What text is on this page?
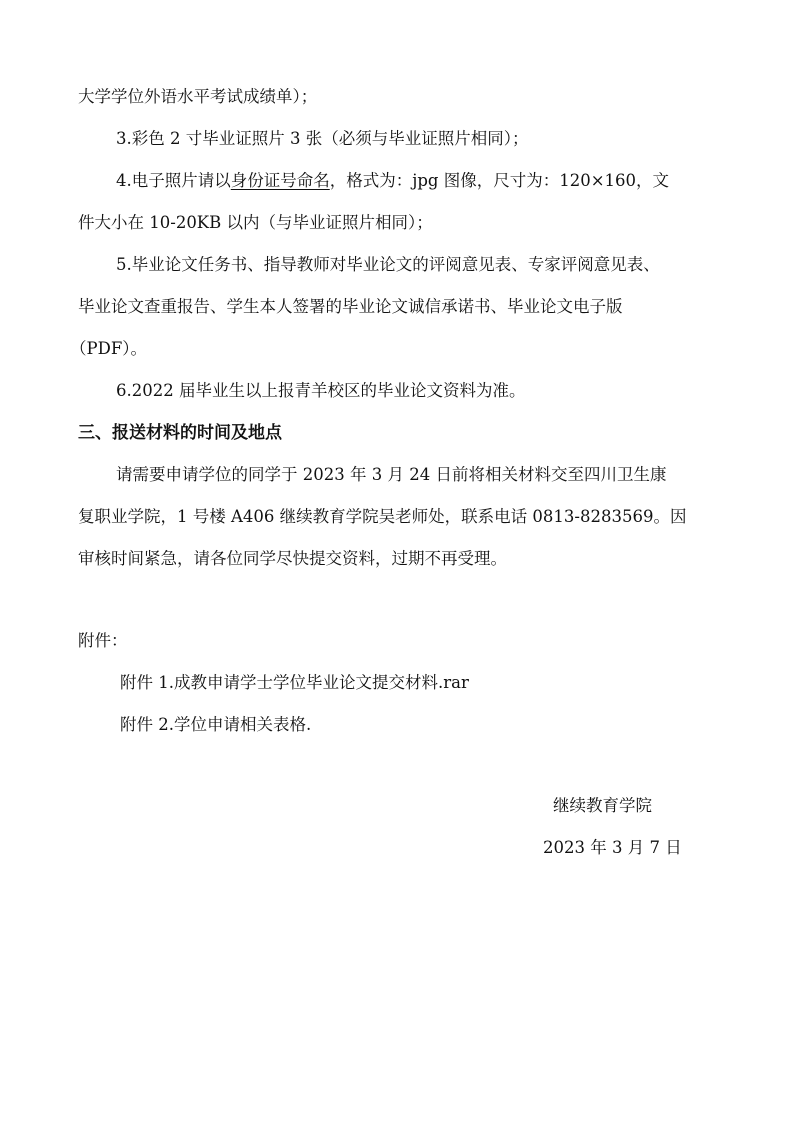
大学学位外语水平考试成绩单）；
3.彩色 2 寸毕业证照片 3 张（必须与毕业证照片相同）；
4.电子照片请以身份证号命名，格式为：jpg 图像，尺寸为：120×160，文
件大小在 10-20KB 以内（与毕业证照片相同）；
5.毕业论文任务书、指导教师对毕业论文的评阅意见表、专家评阅意见表、
毕业论文查重报告、学生本人签署的毕业论文诚信承诺书、毕业论文电子版
（PDF）。
6.2022 届毕业生以上报青羊校区的毕业论文资料为准。
三、报送材料的时间及地点
请需要申请学位的同学于 2023 年 3 月 24 日前将相关材料交至四川卫生康
复职业学院，1 号楼 A406 继续教育学院吴老师处，联系电话 0813-8283569。因
审核时间紧急，请各位同学尽快提交资料，过期不再受理。
附件：
附件 1.成教申请学士学位毕业论文提交材料.rar
附件 2.学位申请相关表格.
继续教育学院
2023 年 3 月 7 日
